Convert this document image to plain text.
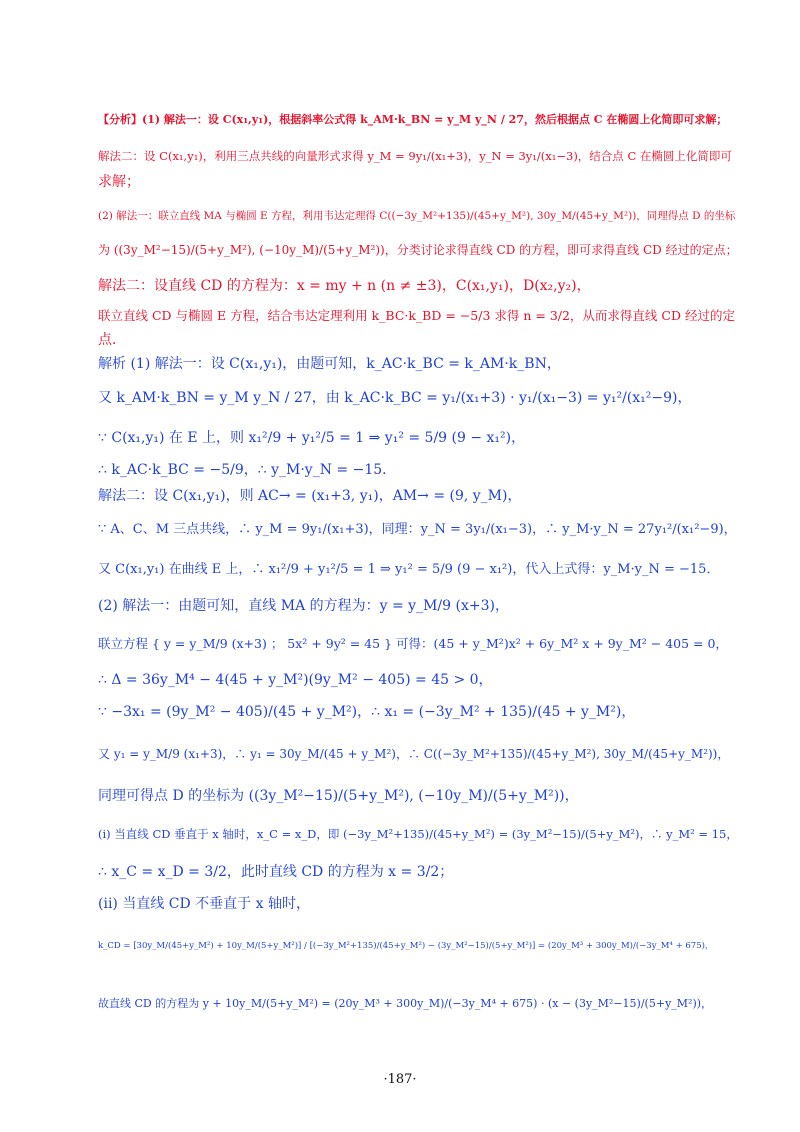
【分析】(1) 解法一：设 C(x₁,y₁)，根据斜率公式得 k_AM·k_BN = y_M y_N / 27，然后根据点 C 在椭圆上化简即可求解；
解法二：设 C(x₁,y₁)，利用三点共线的向量形式求得 y_M = 9y₁/(x₁+3)，y_N = 3y₁/(x₁−3)，结合点 C 在椭圆上化简即可
求解；
(2) 解法一：联立直线 MA 与椭圆 E 方程，利用韦达定理得 C((−3y_M²+135)/(45+y_M²), 30y_M/(45+y_M²))，同理得点 D 的坐标
为 ((3y_M²−15)/(5+y_M²), (−10y_M)/(5+y_M²))，分类讨论求得直线 CD 的方程，即可求得直线 CD 经过的定点；
解法二：设直线 CD 的方程为：x = my + n (n ≠ ±3)，C(x₁,y₁)，D(x₂,y₂)，
联立直线 CD 与椭圆 E 方程，结合韦达定理利用 k_BC·k_BD = −5/3 求得 n = 3/2，从而求得直线 CD 经过的定
点．
解析 (1) 解法一：设 C(x₁,y₁)，由题可知，k_AC·k_BC = k_AM·k_BN，
又 k_AM·k_BN = y_M y_N / 27，由 k_AC·k_BC = y₁/(x₁+3) · y₁/(x₁−3) = y₁²/(x₁²−9)，
∵ C(x₁,y₁) 在 E 上，则 x₁²/9 + y₁²/5 = 1 ⇒ y₁² = 5/9 (9 − x₁²)，
∴ k_AC·k_BC = −5/9，∴ y_M·y_N = −15．
解法二：设 C(x₁,y₁)，则 AC→ = (x₁+3, y₁)，AM→ = (9, y_M)，
∵ A、C、M 三点共线，∴ y_M = 9y₁/(x₁+3)，同理：y_N = 3y₁/(x₁−3)，∴ y_M·y_N = 27y₁²/(x₁²−9)，
又 C(x₁,y₁) 在曲线 E 上，∴ x₁²/9 + y₁²/5 = 1 ⇒ y₁² = 5/9 (9 − x₁²)，代入上式得：y_M·y_N = −15．
(2) 解法一：由题可知，直线 MA 的方程为：y = y_M/9 (x+3)，
联立方程 { y = y_M/9 (x+3) ； 5x² + 9y² = 45 } 可得：(45 + y_M²)x² + 6y_M² x + 9y_M² − 405 = 0，
∴ Δ = 36y_M⁴ − 4(45 + y_M²)(9y_M² − 405) = 45 > 0，
∵ −3x₁ = (9y_M² − 405)/(45 + y_M²)，∴ x₁ = (−3y_M² + 135)/(45 + y_M²)，
又 y₁ = y_M/9 (x₁+3)，∴ y₁ = 30y_M/(45 + y_M²)，∴ C((−3y_M²+135)/(45+y_M²), 30y_M/(45+y_M²))，
同理可得点 D 的坐标为 ((3y_M²−15)/(5+y_M²), (−10y_M)/(5+y_M²))，
(i) 当直线 CD 垂直于 x 轴时，x_C = x_D，即 (−3y_M²+135)/(45+y_M²) = (3y_M²−15)/(5+y_M²)，∴ y_M² = 15，
∴ x_C = x_D = 3/2，此时直线 CD 的方程为 x = 3/2；
(ii) 当直线 CD 不垂直于 x 轴时，
k_CD = [30y_M/(45+y_M²) + 10y_M/(5+y_M²)] / [(−3y_M²+135)/(45+y_M²) − (3y_M²−15)/(5+y_M²)] = (20y_M³ + 300y_M)/(−3y_M⁴ + 675)，
故直线 CD 的方程为 y + 10y_M/(5+y_M²) = (20y_M³ + 300y_M)/(−3y_M⁴ + 675) · (x − (3y_M²−15)/(5+y_M²))，
·187·
